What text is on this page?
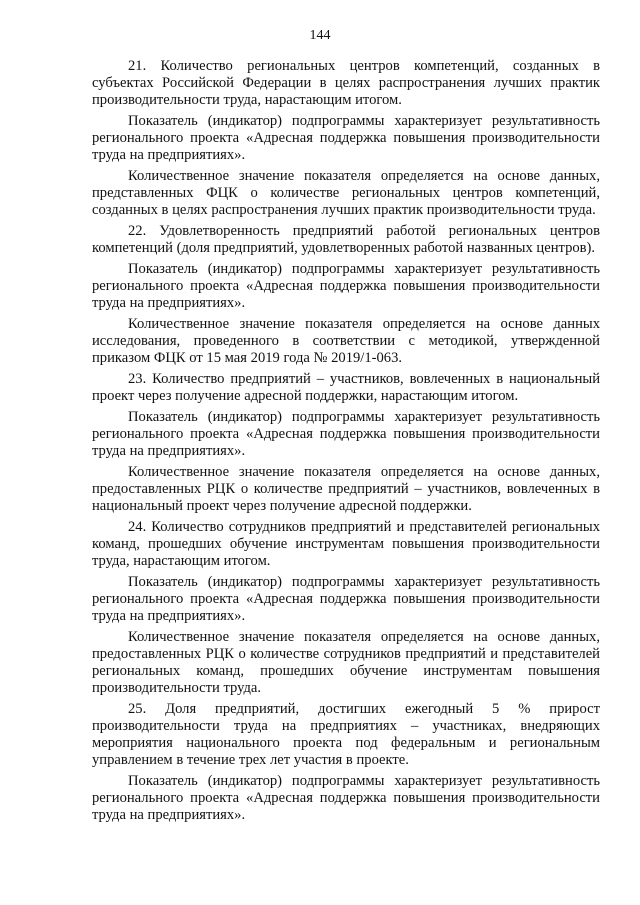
144

21. Количество региональных центров компетенций, созданных в субъектах Российской Федерации в целях распространения лучших практик производительности труда, нарастающим итогом.

Показатель (индикатор) подпрограммы характеризует результативность регионального проекта «Адресная поддержка повышения производительности труда на предприятиях».

Количественное значение показателя определяется на основе данных, представленных ФЦК о количестве региональных центров компетенций, созданных в целях распространения лучших практик производительности труда.

22. Удовлетворенность предприятий работой региональных центров компетенций (доля предприятий, удовлетворенных работой названных центров).

Показатель (индикатор) подпрограммы характеризует результативность регионального проекта «Адресная поддержка повышения производительности труда на предприятиях».

Количественное значение показателя определяется на основе данных исследования, проведенного в соответствии с методикой, утвержденной приказом ФЦК от 15 мая 2019 года № 2019/1-063.

23. Количество предприятий – участников, вовлеченных в национальный проект через получение адресной поддержки, нарастающим итогом.

Показатель (индикатор) подпрограммы характеризует результативность регионального проекта «Адресная поддержка повышения производительности труда на предприятиях».

Количественное значение показателя определяется на основе данных, предоставленных РЦК о количестве предприятий – участников, вовлеченных в национальный проект через получение адресной поддержки.

24. Количество сотрудников предприятий и представителей региональных команд, прошедших обучение инструментам повышения производительности труда, нарастающим итогом.

Показатель (индикатор) подпрограммы характеризует результативность регионального проекта «Адресная поддержка повышения производительности труда на предприятиях».

Количественное значение показателя определяется на основе данных, предоставленных РЦК о количестве сотрудников предприятий и представителей региональных команд, прошедших обучение инструментам повышения производительности труда.

25. Доля предприятий, достигших ежегодный 5 % прирост производительности труда на предприятиях – участниках, внедряющих мероприятия национального проекта под федеральным и региональным управлением в течение трех лет участия в проекте.

Показатель (индикатор) подпрограммы характеризует результативность регионального проекта «Адресная поддержка повышения производительности труда на предприятиях».
